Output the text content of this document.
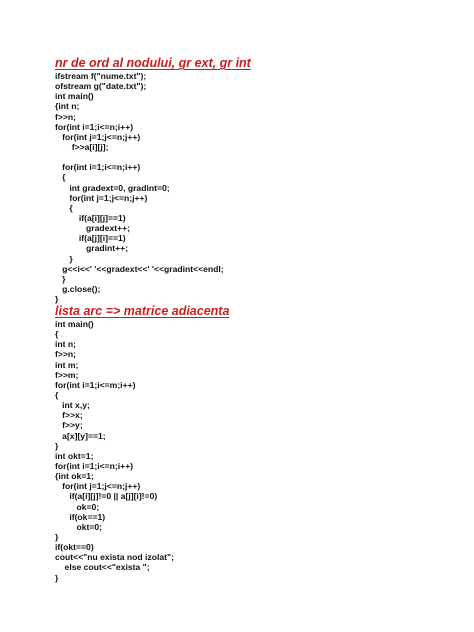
nr de ord al nodului, gr ext, gr int
ifstream f("nume.txt");
ofstream g("date.txt");
int main()
{int n;
f>>n;
for(int i=1;i<=n;i++)
for(int j=1;j<=n;j++)
f>>a[i][j];
for(int i=1;i<=n;i++)
{
int gradext=0, gradint=0;
for(int j=1;j<=n;j++)
{
if(a[i][j]==1)
gradext++;
if(a[j][i]==1)
gradint++;
}
g<<i<<' '<<gradext<<' '<<gradint<<endl;
}
g.close();
}
lista arc => matrice adiacenta
int main()
{
int n;
f>>n;
int m;
f>>m;
for(int i=1;i<=m;i++)
{
int x,y;
f>>x;
f>>y;
a[x][y]==1;
}
int okt=1;
for(int i=1;i<=n;i++)
{int ok=1;
for(int j=1;j<=n;j++)
if(a[i][j]!=0 || a[j][i]!=0)
ok=0;
if(ok==1)
okt=0;
}
if(okt==0)
cout<<"nu exista nod izolat";
else cout<<"exista ";
}
